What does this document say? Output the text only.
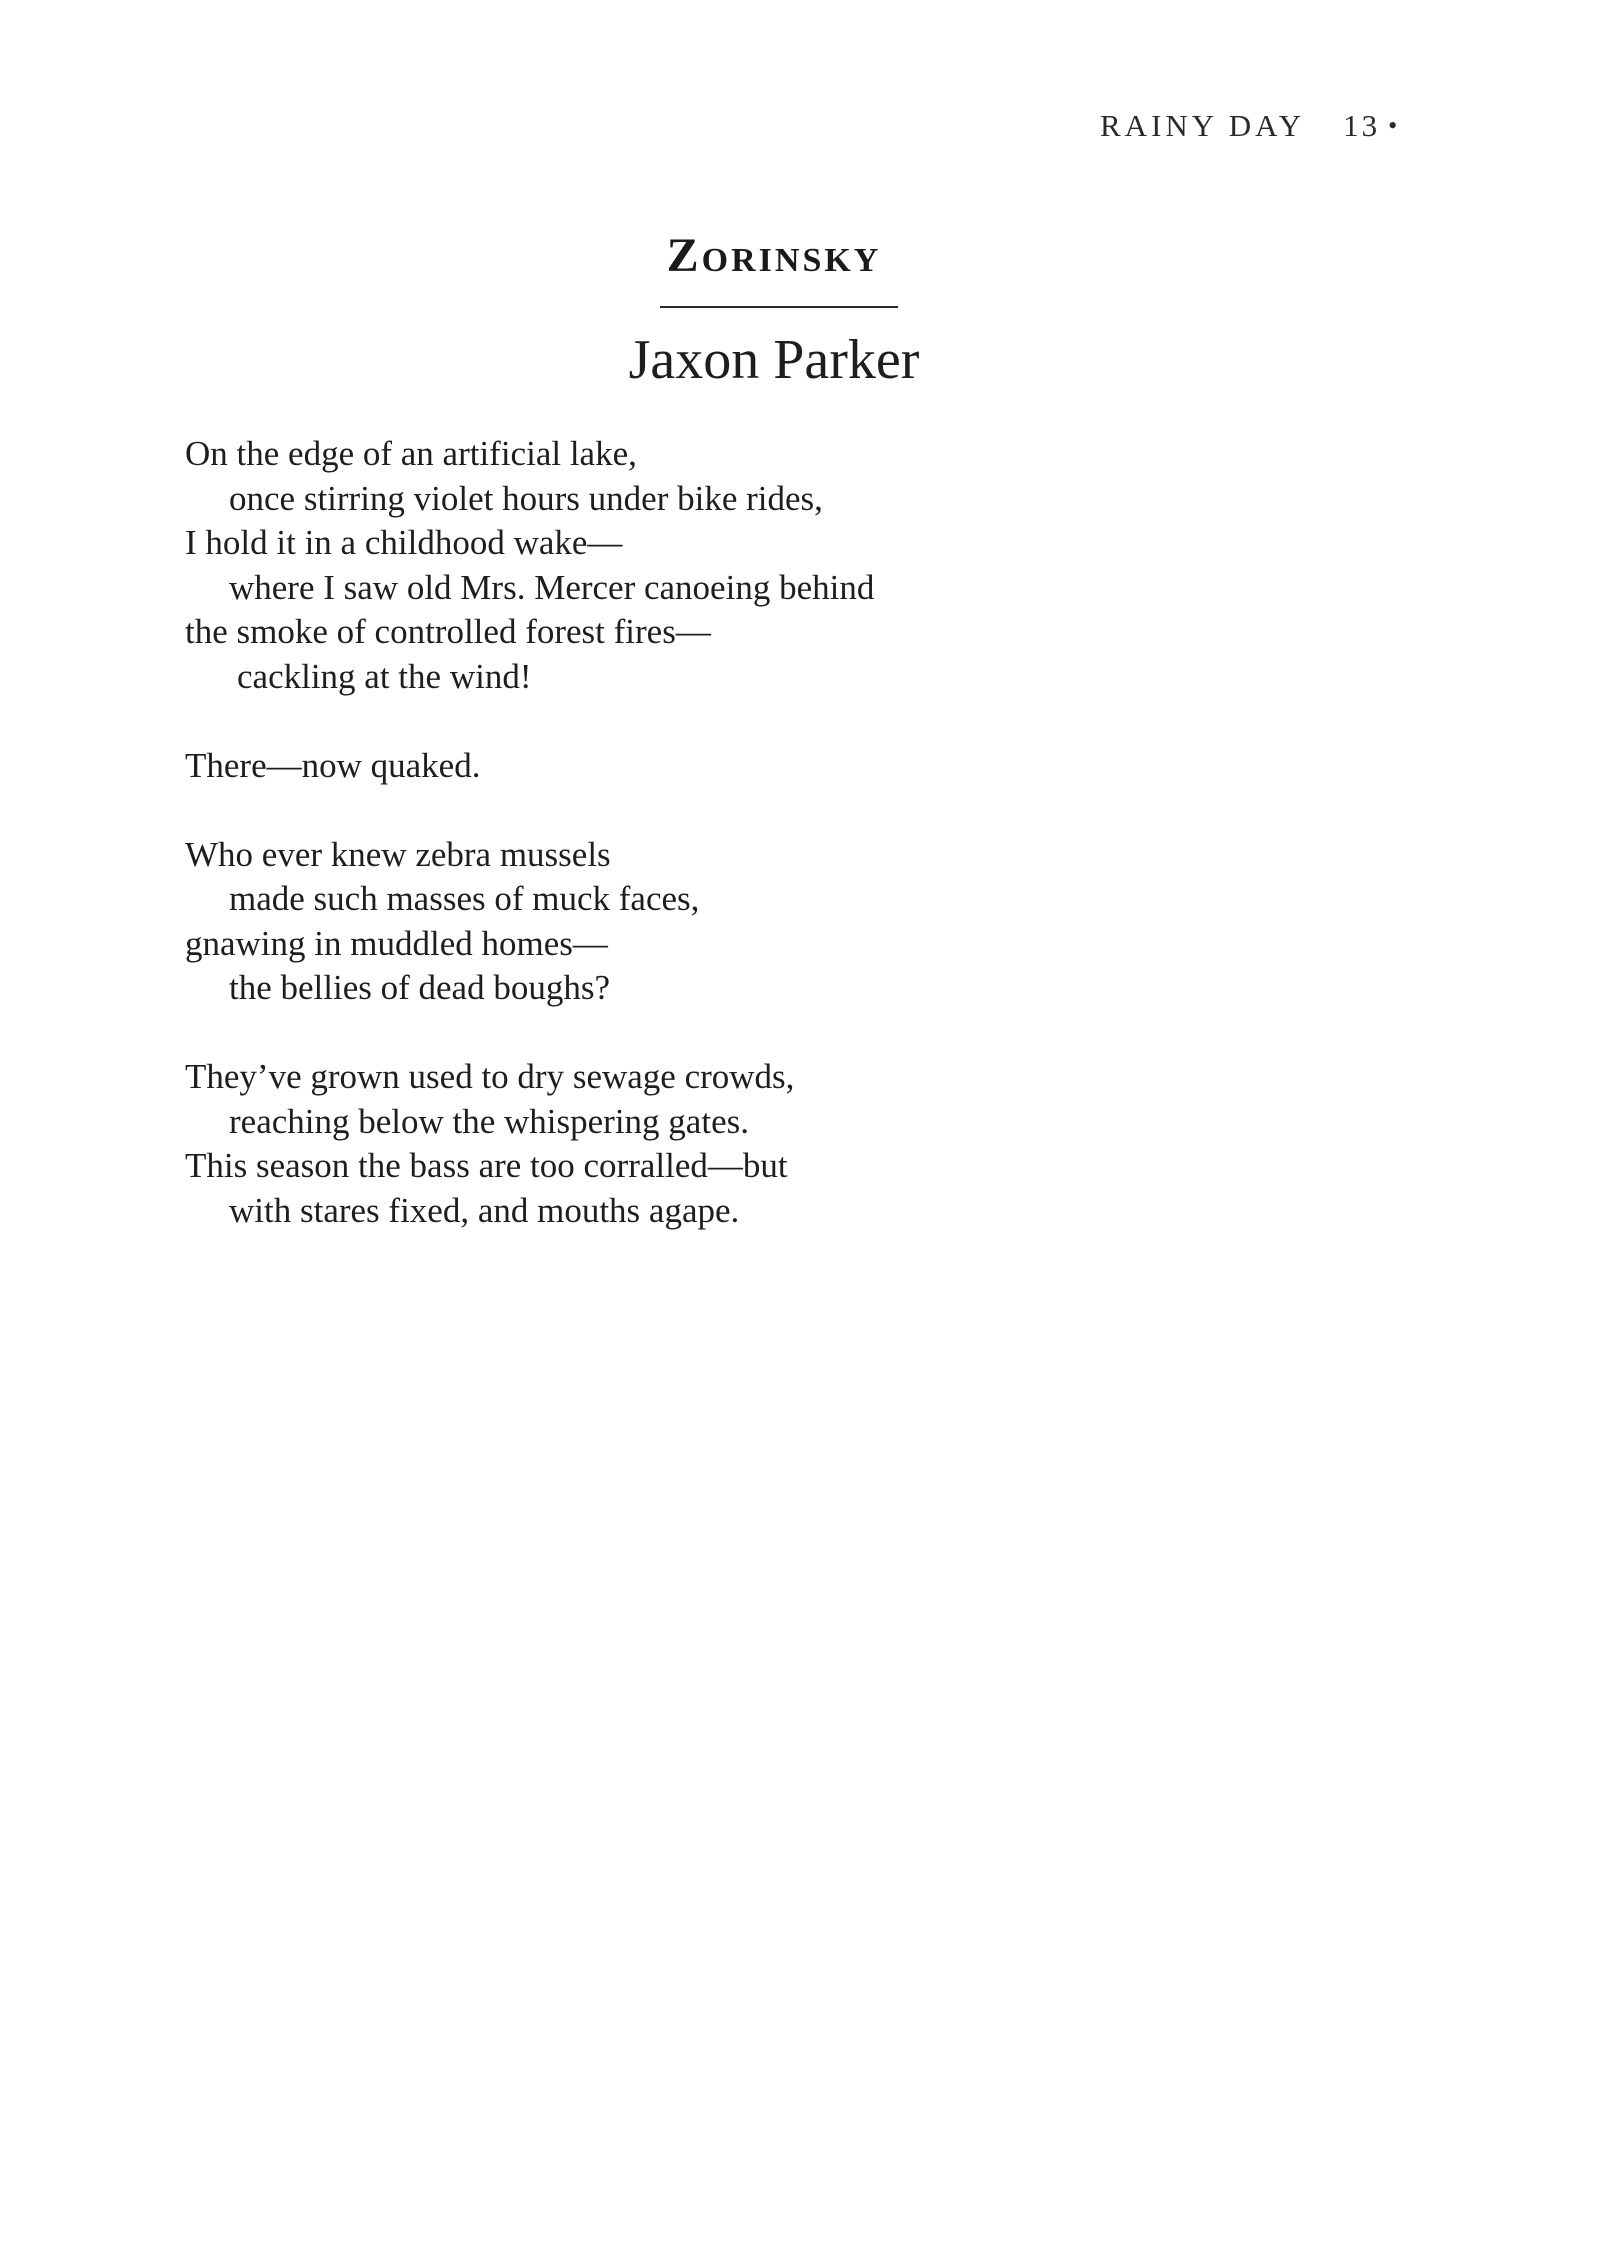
RAINY DAY 13 •
Zorinsky
Jaxon Parker
On the edge of an artificial lake,
once stirring violet hours under bike rides,
I hold it in a childhood wake—
where I saw old Mrs. Mercer canoeing behind
the smoke of controlled forest fires—
cackling at the wind!
There—now quaked.
Who ever knew zebra mussels
made such masses of muck faces,
gnawing in muddled homes—
the bellies of dead boughs?
They’ve grown used to dry sewage crowds,
reaching below the whispering gates.
This season the bass are too corralled—but
with stares fixed, and mouths agape.
